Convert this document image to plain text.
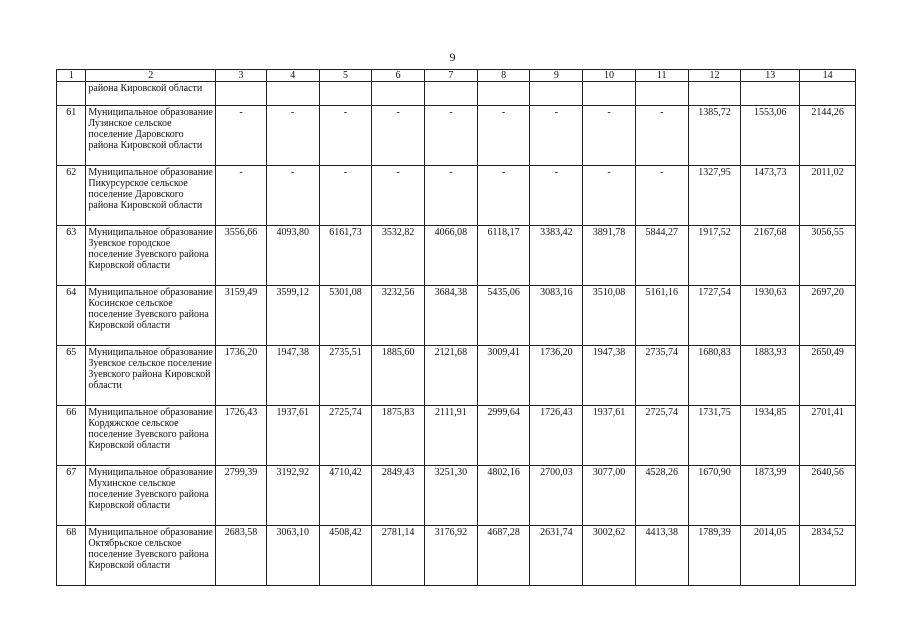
9
1	2	3	4	5	6	7	8	9	10	11	12	13	14
	района Кировской области												
61	Муниципальное образование Лузянское сельское поселение Даровского района Кировской области	-	-	-	-	-	-	-	-	-	1385,72	1553,06	2144,26
62	Муниципальное образование Пикуpсурское сельское поселение Даровского района Кировской области	-	-	-	-	-	-	-	-	-	1327,95	1473,73	2011,02
63	Муниципальное образование Зуевское городское поселение Зуевского района Кировской области	3556,66	4093,80	6161,73	3532,82	4066,08	6118,17	3383,42	3891,78	5844,27	1917,52	2167,68	3056,55
64	Муниципальное образование Косинское сельское поселение Зуевского района Кировской области	3159,49	3599,12	5301,08	3232,56	3684,38	5435,06	3083,16	3510,08	5161,16	1727,54	1930,63	2697,20
65	Муниципальное образование Зуевское сельское поселение Зуевского района Кировской области	1736,20	1947,38	2735,51	1885,60	2121,68	3009,41	1736,20	1947,38	2735,74	1680,83	1883,93	2650,49
66	Муниципальное образование Кордяжское сельское поселение Зуевского района Кировской области	1726,43	1937,61	2725,74	1875,83	2111,91	2999,64	1726,43	1937,61	2725,74	1731,75	1934,85	2701,41
67	Муниципальное образование Мухинское сельское поселение Зуевского района Кировской области	2799,39	3192,92	4710,42	2849,43	3251,30	4802,16	2700,03	3077,00	4528,26	1670,90	1873,99	2640,56
68	Муниципальное образование Октябрьское сельское поселение Зуевского района Кировской области	2683,58	3063,10	4508,42	2781,14	3176,92	4687,28	2631,74	3002,62	4413,38	1789,39	2014,05	2834,52
